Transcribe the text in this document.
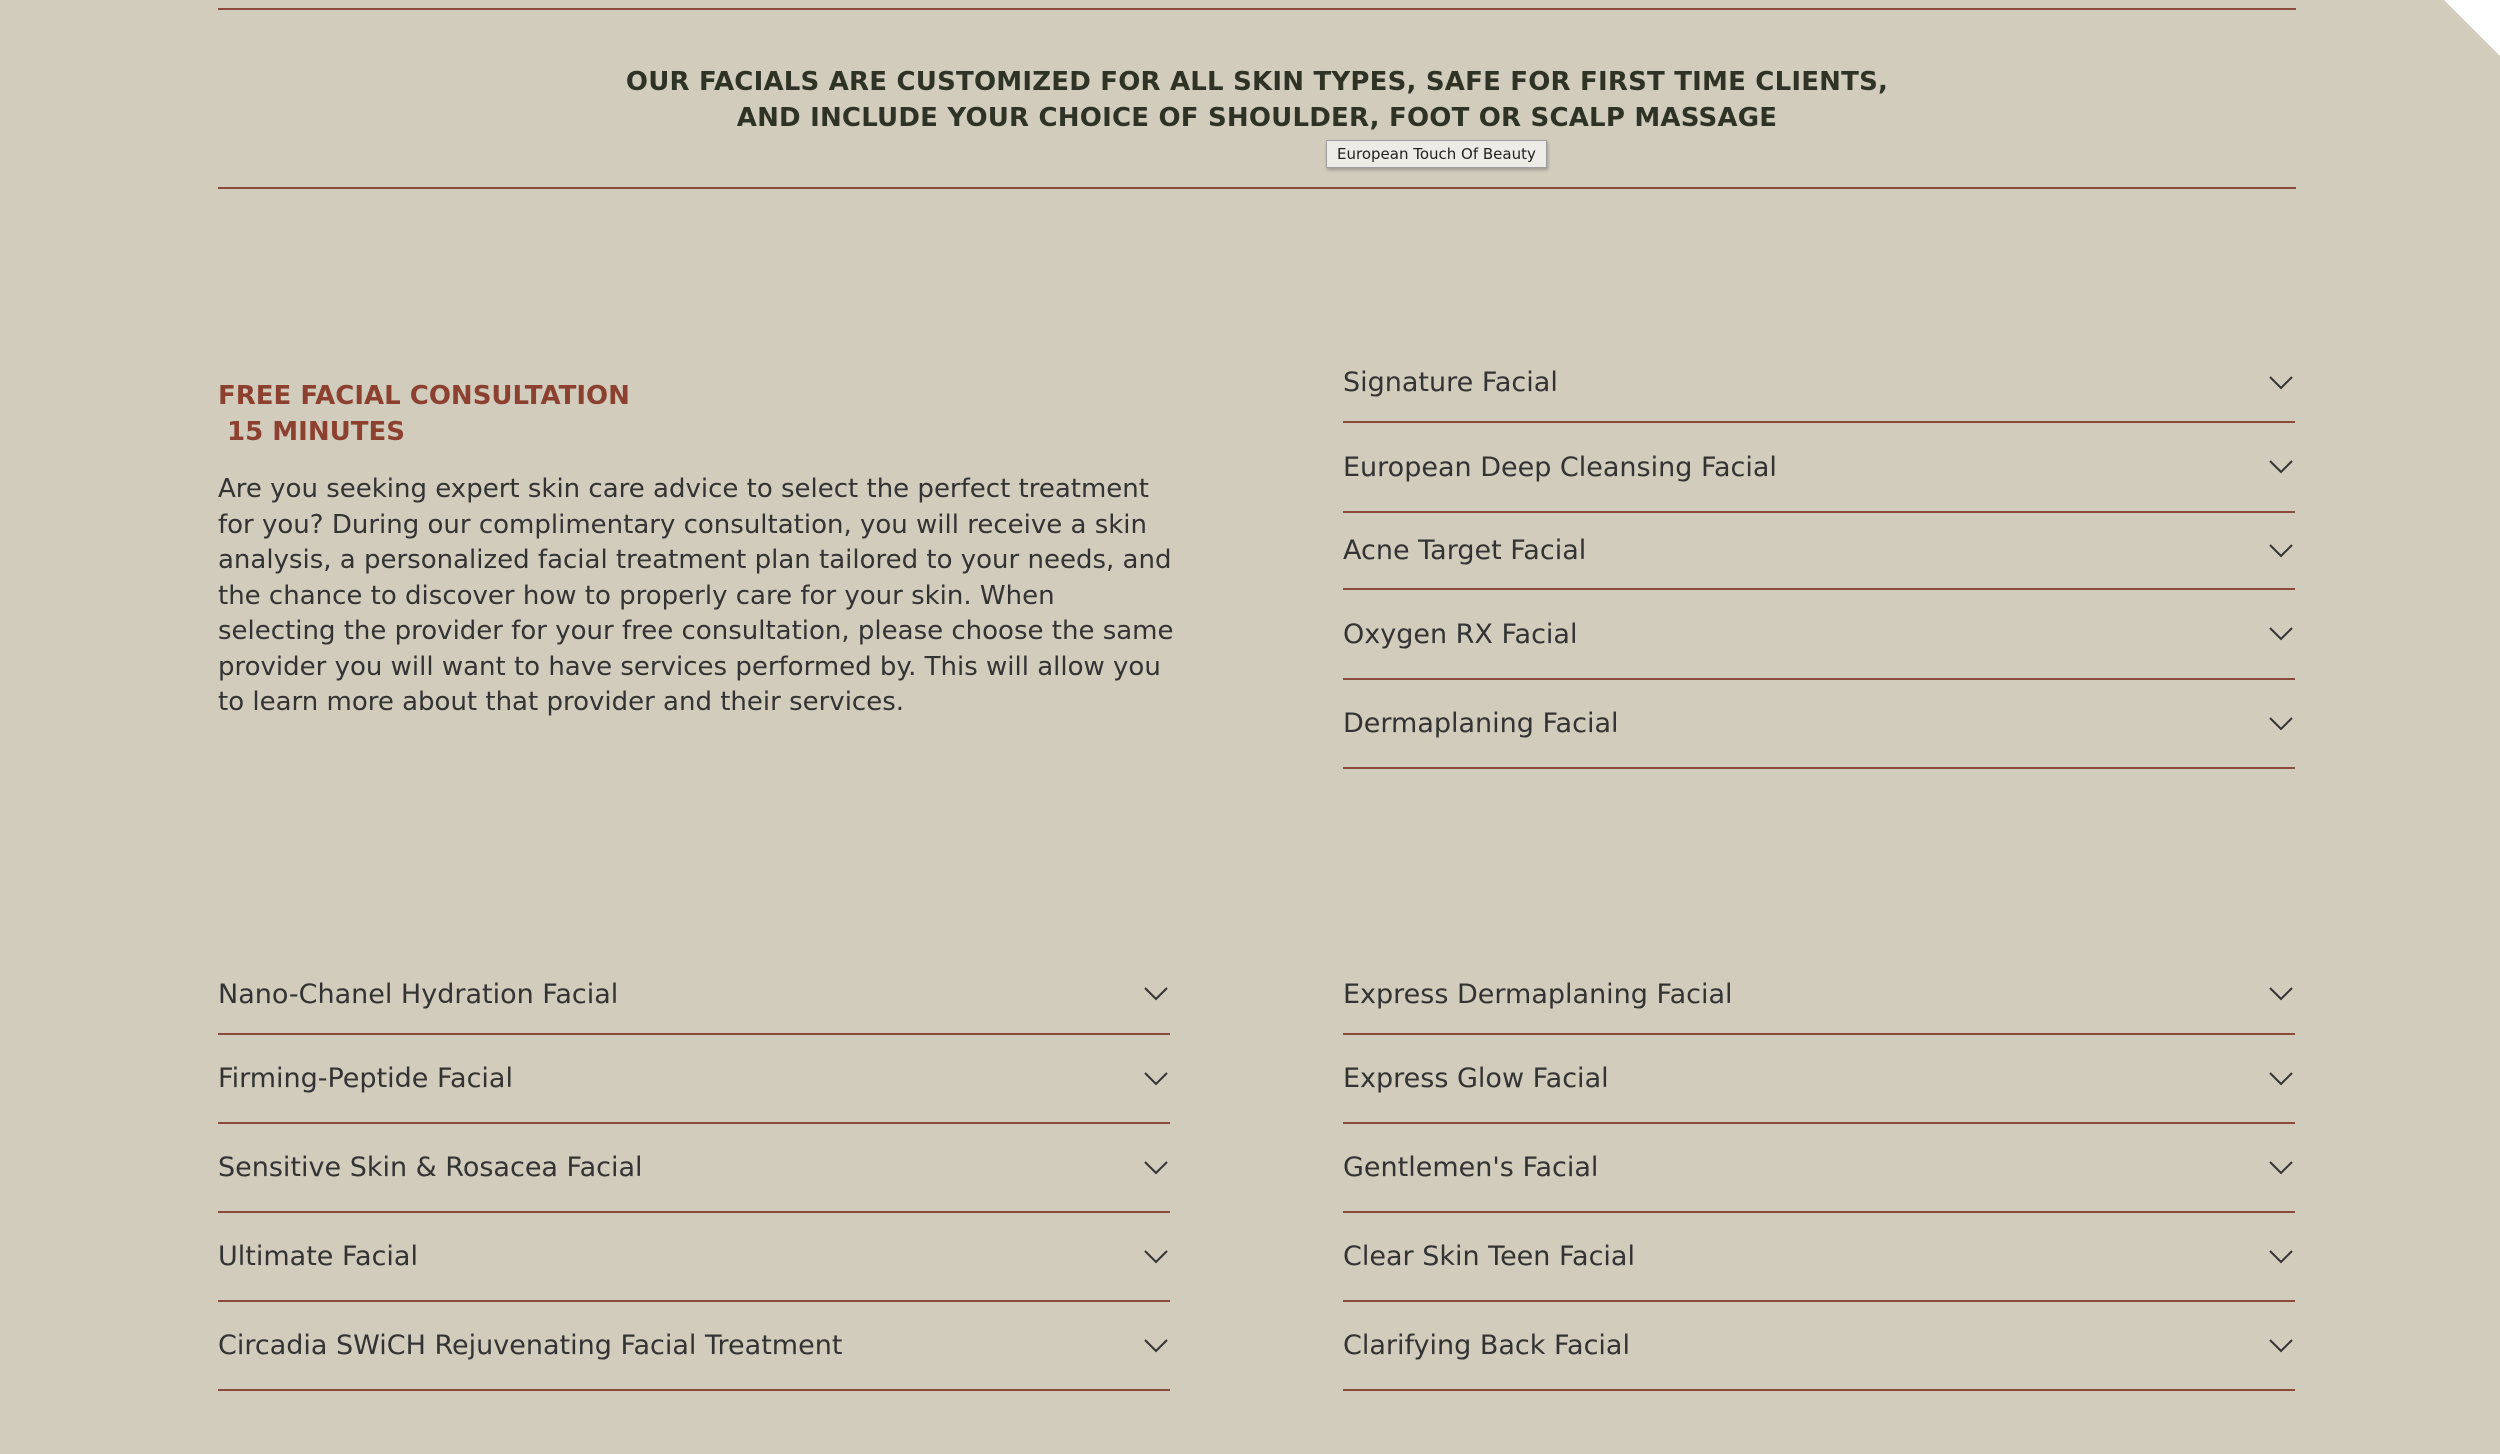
OUR FACIALS ARE CUSTOMIZED FOR ALL SKIN TYPES, SAFE FOR FIRST TIME CLIENTS,
AND INCLUDE YOUR CHOICE OF SHOULDER, FOOT OR SCALP MASSAGE
European Touch Of Beauty
FREE FACIAL CONSULTATION
15 MINUTES
Are you seeking expert skin care advice to select the perfect treatment for you? During our complimentary consultation, you will receive a skin analysis, a personalized facial treatment plan tailored to your needs, and the chance to discover how to properly care for your skin. When selecting the provider for your free consultation, please choose the same provider you will want to have services performed by. This will allow you to learn more about that provider and their services.
Signature Facial
European Deep Cleansing Facial
Acne Target Facial
Oxygen RX Facial
Dermaplaning Facial
Nano-Chanel Hydration Facial
Firming-Peptide Facial
Sensitive Skin & Rosacea Facial
Ultimate Facial
Circadia SWiCH Rejuvenating Facial Treatment
Express Dermaplaning Facial
Express Glow Facial
Gentlemen's Facial
Clear Skin Teen Facial
Clarifying Back Facial
